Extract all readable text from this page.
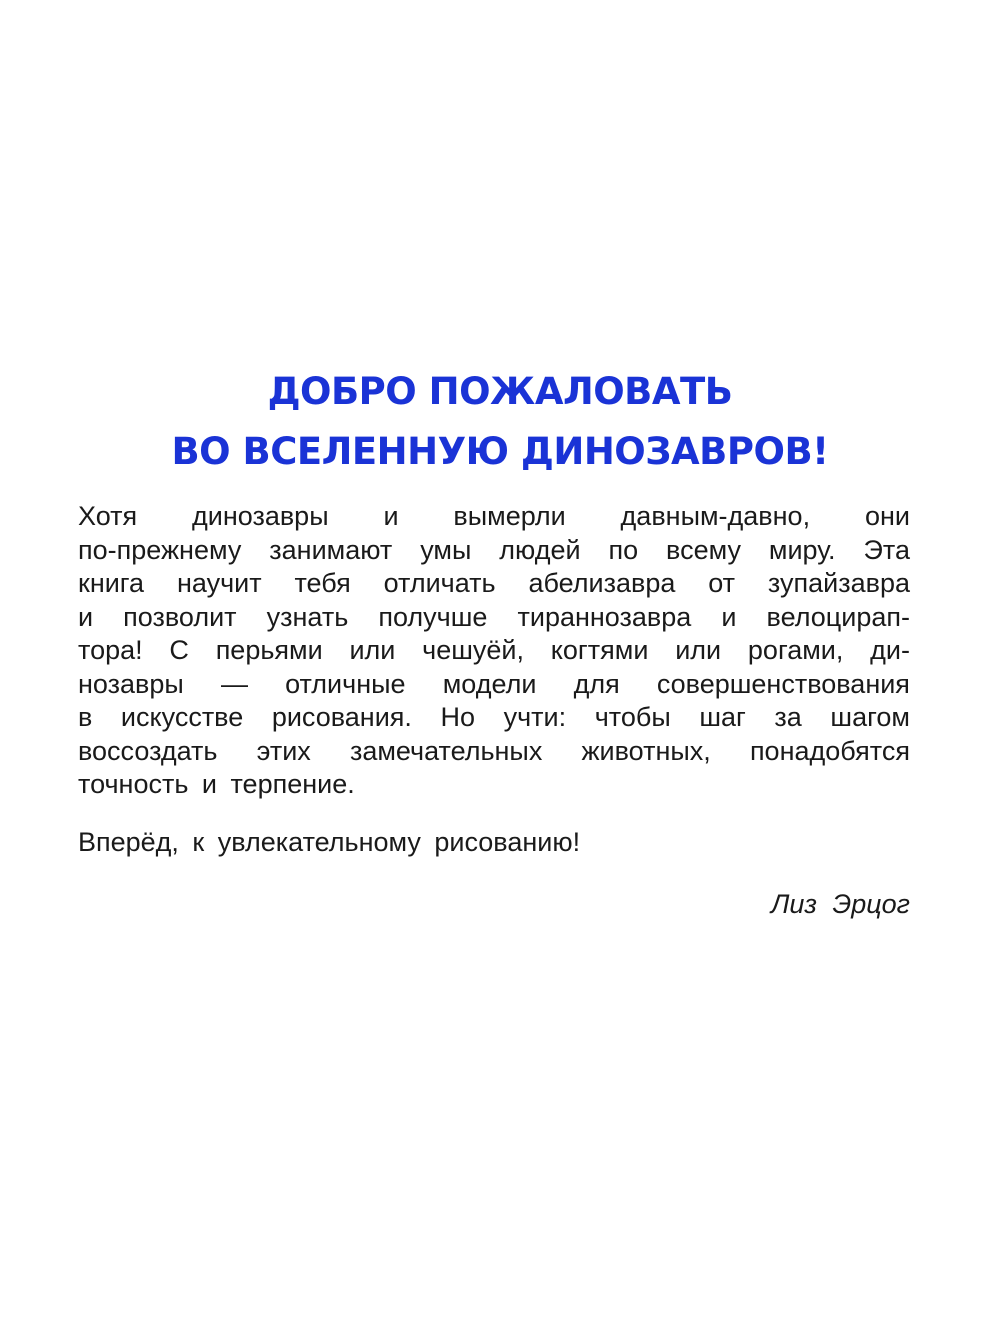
ДОБРО ПОЖАЛОВАТЬ
ВО ВСЕЛЕННУЮ ДИНОЗАВРОВ!
Хотя динозавры и вымерли давным-давно, они
по-прежнему занимают умы людей по всему миру. Эта
книга научит тебя отличать абелизавра от зупайзавра
и позволит узнать получше тираннозавра и велоцирап-
тора! С перьями или чешуёй, когтями или рогами, ди-
нозавры — отличные модели для совершенствования
в искусстве рисования. Но учти: чтобы шаг за шагом
воссоздать этих замечательных животных, понадобятся
точность и терпение.

Вперёд, к увлекательному рисованию!

Лиз Эрцог
